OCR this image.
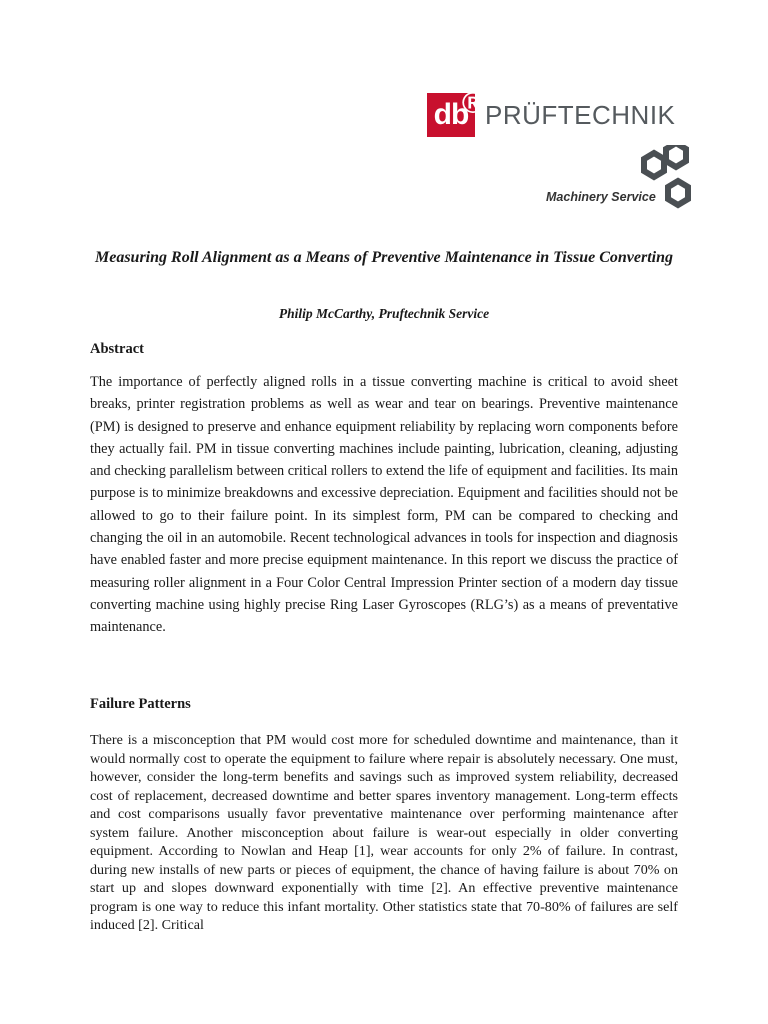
db
® PRÜFTECHNIK
Machinery Service
Measuring Roll Alignment as a Means of Preventive Maintenance in Tissue Converting
Philip McCarthy, Pruftechnik Service
Abstract

The importance of perfectly aligned rolls in a tissue converting machine is critical to avoid sheet breaks, printer registration problems as well as wear and tear on bearings. Preventive maintenance (PM) is designed to preserve and enhance equipment reliability by replacing worn components before they actually fail. PM in tissue converting machines include painting, lubrication, cleaning, adjusting and checking parallelism between critical rollers to extend the life of equipment and facilities. Its main purpose is to minimize breakdowns and excessive depreciation. Equipment and facilities should not be allowed to go to their failure point. In its simplest form, PM can be compared to checking and changing the oil in an automobile. Recent technological advances in tools for inspection and diagnosis have enabled faster and more precise equipment maintenance. In this report we discuss the practice of measuring roller alignment in a Four Color Central Impression Printer section of a modern day tissue converting machine using highly precise Ring Laser Gyroscopes (RLG’s) as a means of preventative maintenance.

Failure Patterns

There is a misconception that PM would cost more for scheduled downtime and maintenance, than it would normally cost to operate the equipment to failure where repair is absolutely necessary. One must, however, consider the long-term benefits and savings such as improved system reliability, decreased cost of replacement, decreased downtime and better spares inventory management. Long-term effects and cost comparisons usually favor preventative maintenance over performing maintenance after system failure. Another misconception about failure is wear-out especially in older converting equipment. According to Nowlan and Heap [1], wear accounts for only 2% of failure. In contrast, during new installs of new parts or pieces of equipment, the chance of having failure is about 70% on start up and slopes downward exponentially with time [2]. An effective preventive maintenance program is one way to reduce this infant mortality. Other statistics state that 70-80% of failures are self induced [2]. Critical
